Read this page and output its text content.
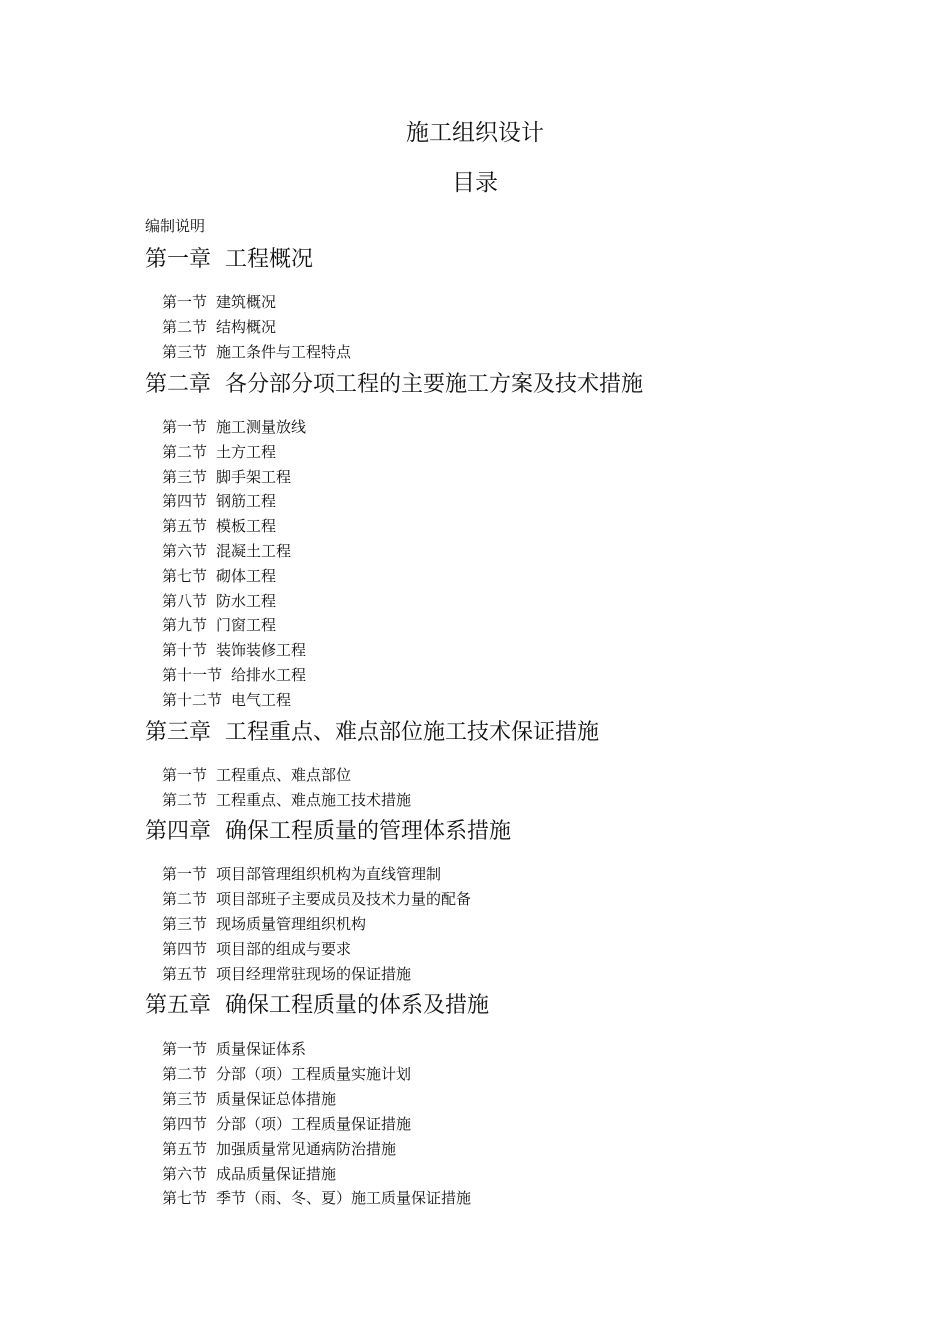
施工组织设计
目录
编制说明
第一章 工程概况
第一节 建筑概况
第二节 结构概况
第三节 施工条件与工程特点
第二章 各分部分项工程的主要施工方案及技术措施
第一节 施工测量放线
第二节 土方工程
第三节 脚手架工程
第四节 钢筋工程
第五节 模板工程
第六节 混凝土工程
第七节 砌体工程
第八节 防水工程
第九节 门窗工程
第十节 装饰装修工程
第十一节 给排水工程
第十二节 电气工程
第三章 工程重点、难点部位施工技术保证措施
第一节 工程重点、难点部位
第二节 工程重点、难点施工技术措施
第四章 确保工程质量的管理体系措施
第一节 项目部管理组织机构为直线管理制
第二节 项目部班子主要成员及技术力量的配备
第三节 现场质量管理组织机构
第四节 项目部的组成与要求
第五节 项目经理常驻现场的保证措施
第五章 确保工程质量的体系及措施
第一节 质量保证体系
第二节 分部（项）工程质量实施计划
第三节 质量保证总体措施
第四节 分部（项）工程质量保证措施
第五节 加强质量常见通病防治措施
第六节 成品质量保证措施
第七节 季节（雨、冬、夏）施工质量保证措施
